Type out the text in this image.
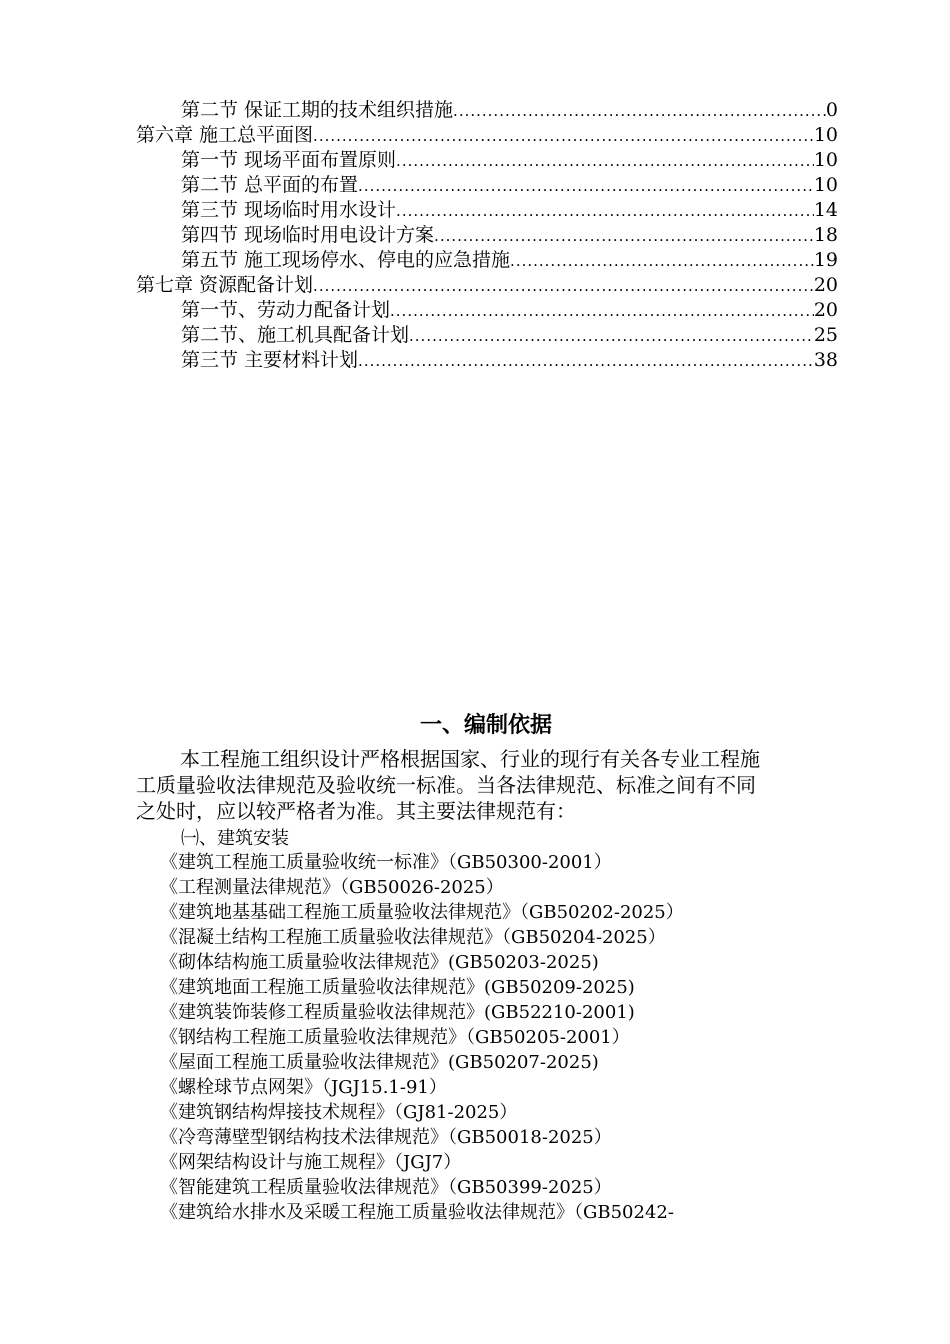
第二节 保证工期的技术组织措施 .....	0
第六章 施工总平面图 .....	10
第一节 现场平面布置原则 .....	10
第二节 总平面的布置 .....	10
第三节 现场临时用水设计 .....	14
第四节 现场临时用电设计方案 .....	18
第五节 施工现场停水、停电的应急措施 .....	19
第七章 资源配备计划 .....	20
第一节、劳动力配备计划 .....	20
第二节、施工机具配备计划 .....	25
第三节 主要材料计划 .....	38
一、编制依据
本工程施工组织设计严格根据国家、行业的现行有关各专业工程施
工质量验收法律规范及验收统一标准。当各法律规范、标准之间有不同
之处时，应以较严格者为准。其主要法律规范有：
㈠、建筑安装
《建筑工程施工质量验收统一标准》（GB50300-2001）
《工程测量法律规范》（GB50026-2025）
《建筑地基基础工程施工质量验收法律规范》（GB50202-2025）
《混凝土结构工程施工质量验收法律规范》（GB50204-2025）
《砌体结构施工质量验收法律规范》(GB50203-2025)
《建筑地面工程施工质量验收法律规范》(GB50209-2025)
《建筑装饰装修工程质量验收法律规范》(GB52210-2001)
《钢结构工程施工质量验收法律规范》（GB50205-2001）
《屋面工程施工质量验收法律规范》(GB50207-2025)
《螺栓球节点网架》（JGJ15.1-91）
《建筑钢结构焊接技术规程》（GJ81-2025）
《冷弯薄壁型钢结构技术法律规范》（GB50018-2025）
《网架结构设计与施工规程》（JGJ7）
《智能建筑工程质量验收法律规范》（GB50399-2025）
《建筑给水排水及采暖工程施工质量验收法律规范》（GB50242-
